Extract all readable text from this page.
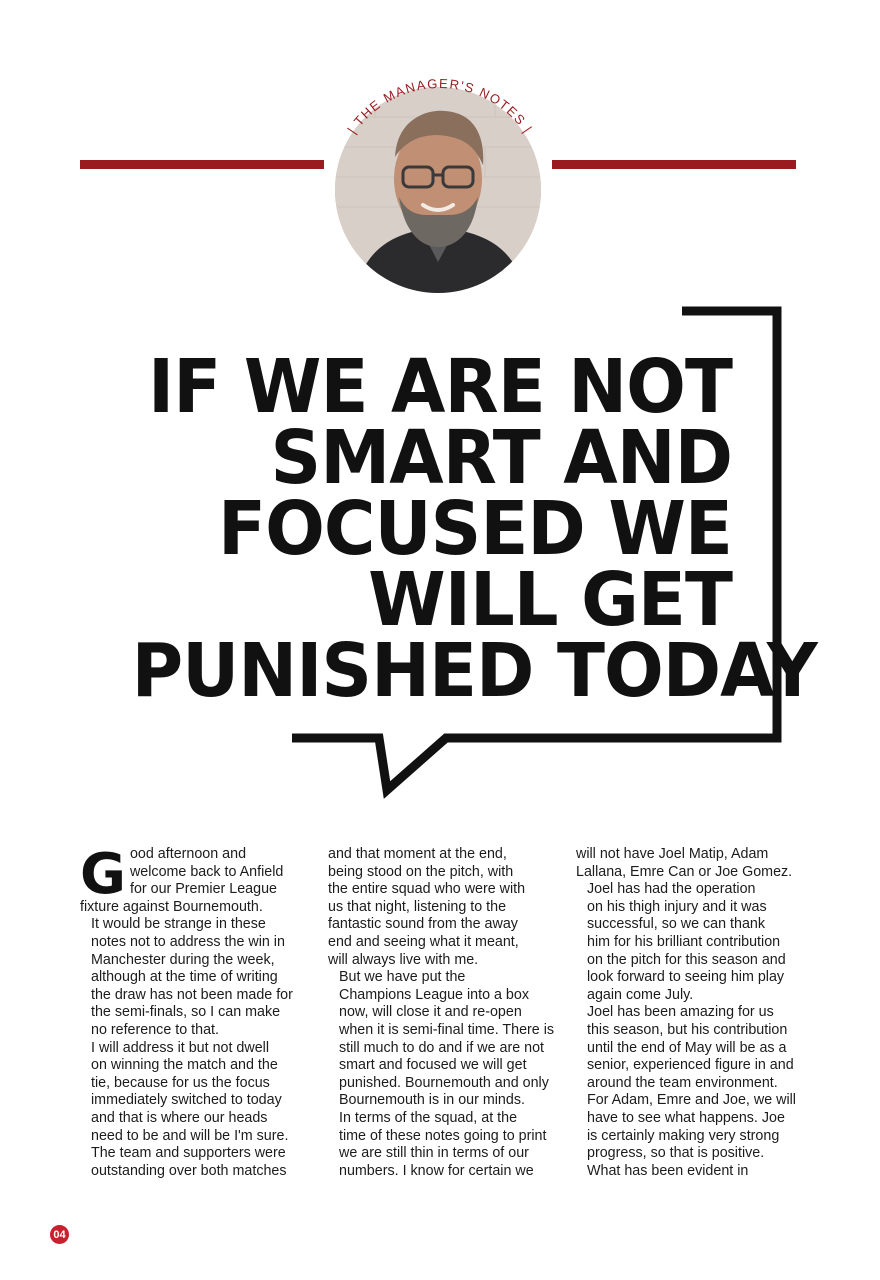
| THE MANAGER'S NOTES |
| JÜRGEN KLOPP |
IF WE ARE NOT
SMART AND
FOCUSED WE
WILL GET
PUNISHED TODAY
G ood afternoon and
welcome back to Anfield
for our Premier League
fixture against Bournemouth.

It would be strange in these
notes not to address the win in
Manchester during the week,
although at the time of writing
the draw has not been made for
the semi-finals, so I can make
no reference to that.

I will address it but not dwell
on winning the match and the
tie, because for us the focus
immediately switched to today
and that is where our heads
need to be and will be I'm sure.

The team and supporters were
outstanding over both matches

and that moment at the end,
being stood on the pitch, with
the entire squad who were with
us that night, listening to the
fantastic sound from the away
end and seeing what it meant,
will always live with me.

But we have put the
Champions League into a box
now, will close it and re-open
when it is semi-final time. There is
still much to do and if we are not
smart and focused we will get
punished. Bournemouth and only
Bournemouth is in our minds.

In terms of the squad, at the
time of these notes going to print
we are still thin in terms of our
numbers. I know for certain we

will not have Joel Matip, Adam
Lallana, Emre Can or Joe Gomez.

Joel has had the operation
on his thigh injury and it was
successful, so we can thank
him for his brilliant contribution
on the pitch for this season and
look forward to seeing him play
again come July.

Joel has been amazing for us
this season, but his contribution
until the end of May will be as a
senior, experienced figure in and
around the team environment.

For Adam, Emre and Joe, we will
have to see what happens. Joe
is certainly making very strong
progress, so that is positive.

What has been evident in

04
